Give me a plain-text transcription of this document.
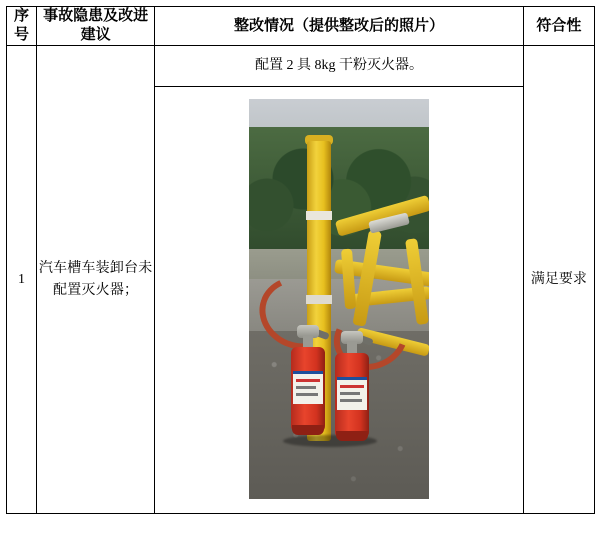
序号	事故隐患及改进建议	整改情况（提供整改后的照片）	符合性
1	汽车槽车装卸台未配置灭火器；	配置 2 具 8kg 干粉灭火器。	满足要求
